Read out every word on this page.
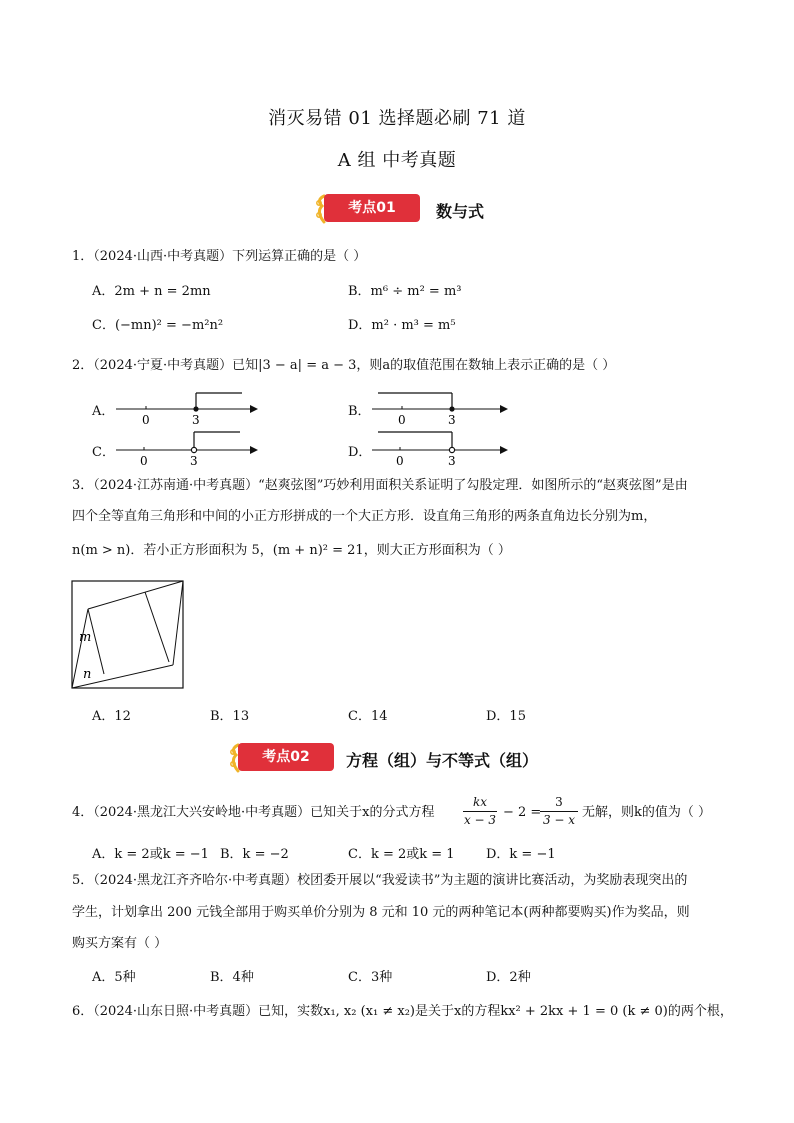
消灭易错 01 选择题必刷 71 道
A 组 中考真题
考点01	数与式
1．（2024·山西·中考真题）下列运算正确的是（ ）
A．2m + n = 2mn	B．m⁶ ÷ m² = m³
C．(−mn)² = −m²n²	D．m² · m³ = m⁵
2．（2024·宁夏·中考真题）已知|3 − a| = a − 3，则a的取值范围在数轴上表示正确的是（ ）
A．
0	3
B．
0	3
C．
0	3
D．
0	3
3．（2024·江苏南通·中考真题）“赵爽弦图”巧妙利用面积关系证明了勾股定理．如图所示的“赵爽弦图”是由
四个全等直角三角形和中间的小正方形拼成的一个大正方形．设直角三角形的两条直角边长分别为m，
n(m > n)．若小正方形面积为 5，(m + n)² = 21，则大正方形面积为（ ）
m
n
A．12	B．13	C．14	D．15
考点02	方程（组）与不等式（组）
4．（2024·黑龙江大兴安岭地·中考真题）已知关于x的分式方程
kx
x − 3 − 2 =
3
3 − x 无解，则k的值为（ ）
A．k = 2或k = −1 B．k = −2	C．k = 2或k = 1 D．k = −1
5．（2024·黑龙江齐齐哈尔·中考真题）校团委开展以“我爱读书”为主题的演讲比赛活动，为奖励表现突出的
学生，计划拿出 200 元钱全部用于购买单价分别为 8 元和 10 元的两种笔记本(两种都要购买)作为奖品，则
购买方案有（ ）
A．5种	B．4种	C．3种	D．2种
6．（2024·山东日照·中考真题）已知，实数x₁, x₂ (x₁ ≠ x₂)是关于x的方程kx² + 2kx + 1 = 0 (k ≠ 0)的两个根，
